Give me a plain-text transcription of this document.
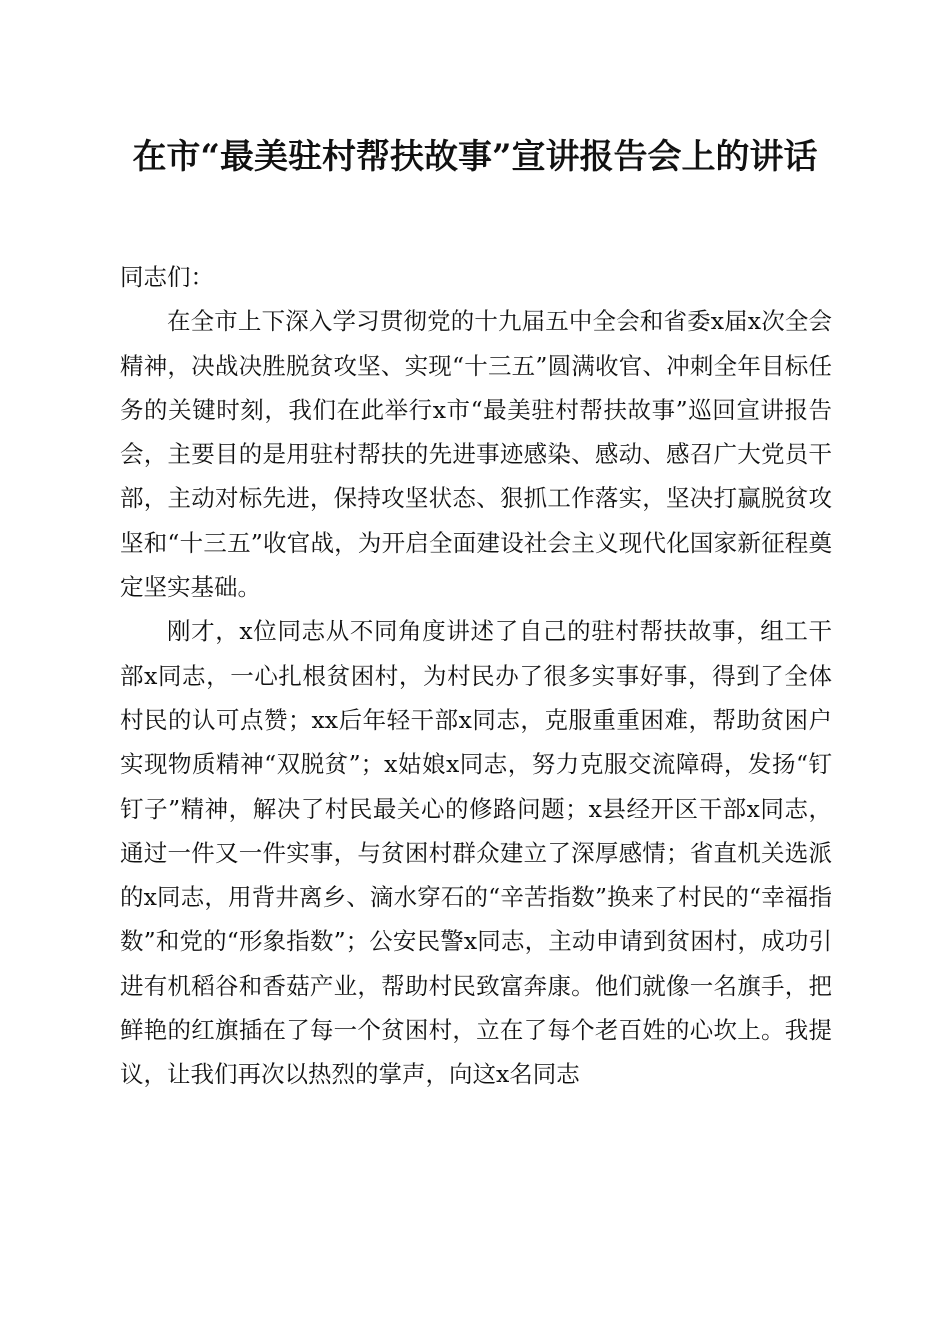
在市“最美驻村帮扶故事”宣讲报告会上的讲话

同志们：

在全市上下深入学习贯彻党的十九届五中全会和省委x届x次全会精神，决战决胜脱贫攻坚、实现“十三五”圆满收官、冲刺全年目标任务的关键时刻，我们在此举行x市“最美驻村帮扶故事”巡回宣讲报告会，主要目的是用驻村帮扶的先进事迹感染、感动、感召广大党员干部，主动对标先进，保持攻坚状态、狠抓工作落实，坚决打赢脱贫攻坚和“十三五”收官战，为开启全面建设社会主义现代化国家新征程奠定坚实基础。

刚才，x位同志从不同角度讲述了自己的驻村帮扶故事，组工干部x同志，一心扎根贫困村，为村民办了很多实事好事，得到了全体村民的认可点赞；xx后年轻干部x同志，克服重重困难，帮助贫困户实现物质精神“双脱贫”；x姑娘x同志，努力克服交流障碍，发扬“钉钉子”精神，解决了村民最关心的修路问题；x县经开区干部x同志，通过一件又一件实事，与贫困村群众建立了深厚感情；省直机关选派的x同志，用背井离乡、滴水穿石的“辛苦指数”换来了村民的“幸福指数”和党的“形象指数”；公安民警x同志，主动申请到贫困村，成功引进有机稻谷和香菇产业，帮助村民致富奔康。他们就像一名旗手，把鲜艳的红旗插在了每一个贫困村，立在了每个老百姓的心坎上。我提议，让我们再次以热烈的掌声，向这x名同志
